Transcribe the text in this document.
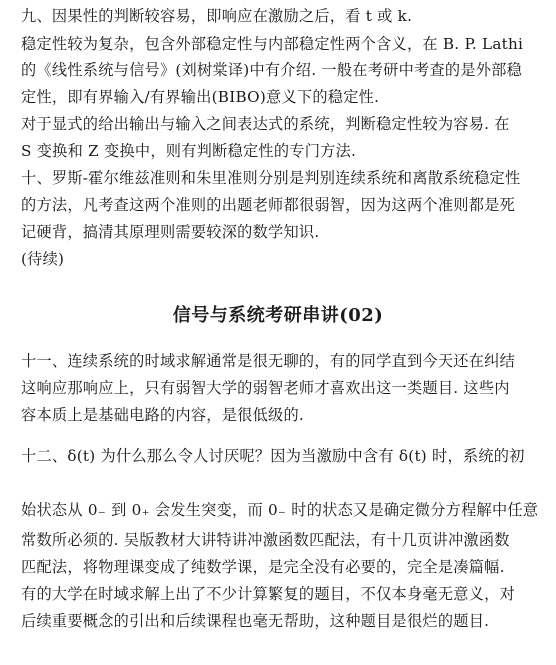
九、因果性的判断较容易，即响应在激励之后，看 t 或 k.
稳定性较为复杂，包含外部稳定性与内部稳定性两个含义，在 B. P. Lathi
的《线性系统与信号》(刘树棠译)中有介绍. 一般在考研中考查的是外部稳
定性，即有界输入/有界输出(BIBO)意义下的稳定性.
对于显式的给出输出与输入之间表达式的系统，判断稳定性较为容易. 在
S 变换和 Z 变换中，则有判断稳定性的专门方法.
十、罗斯-霍尔维兹准则和朱里准则分别是判别连续系统和离散系统稳定性
的方法，凡考查这两个准则的出题老师都很弱智，因为这两个准则都是死
记硬背，搞清其原理则需要较深的数学知识.
(待续)
信号与系统考研串讲(02)
十一、连续系统的时域求解通常是很无聊的，有的同学直到今天还在纠结
这响应那响应上，只有弱智大学的弱智老师才喜欢出这一类题目. 这些内
容本质上是基础电路的内容，是很低级的.
十二、δ(t) 为什么那么令人讨厌呢？因为当激励中含有 δ(t) 时，系统的初
始状态从 0₋ 到 0₊ 会发生突变，而 0₋ 时的状态又是确定微分方程解中任意
常数所必须的. 吴版教材大讲特讲冲激函数匹配法，有十几页讲冲激函数
匹配法，将物理课变成了纯数学课，是完全没有必要的，完全是凑篇幅.
有的大学在时域求解上出了不少计算繁复的题目，不仅本身毫无意义，对
后续重要概念的引出和后续课程也毫无帮助，这种题目是很烂的题目.
